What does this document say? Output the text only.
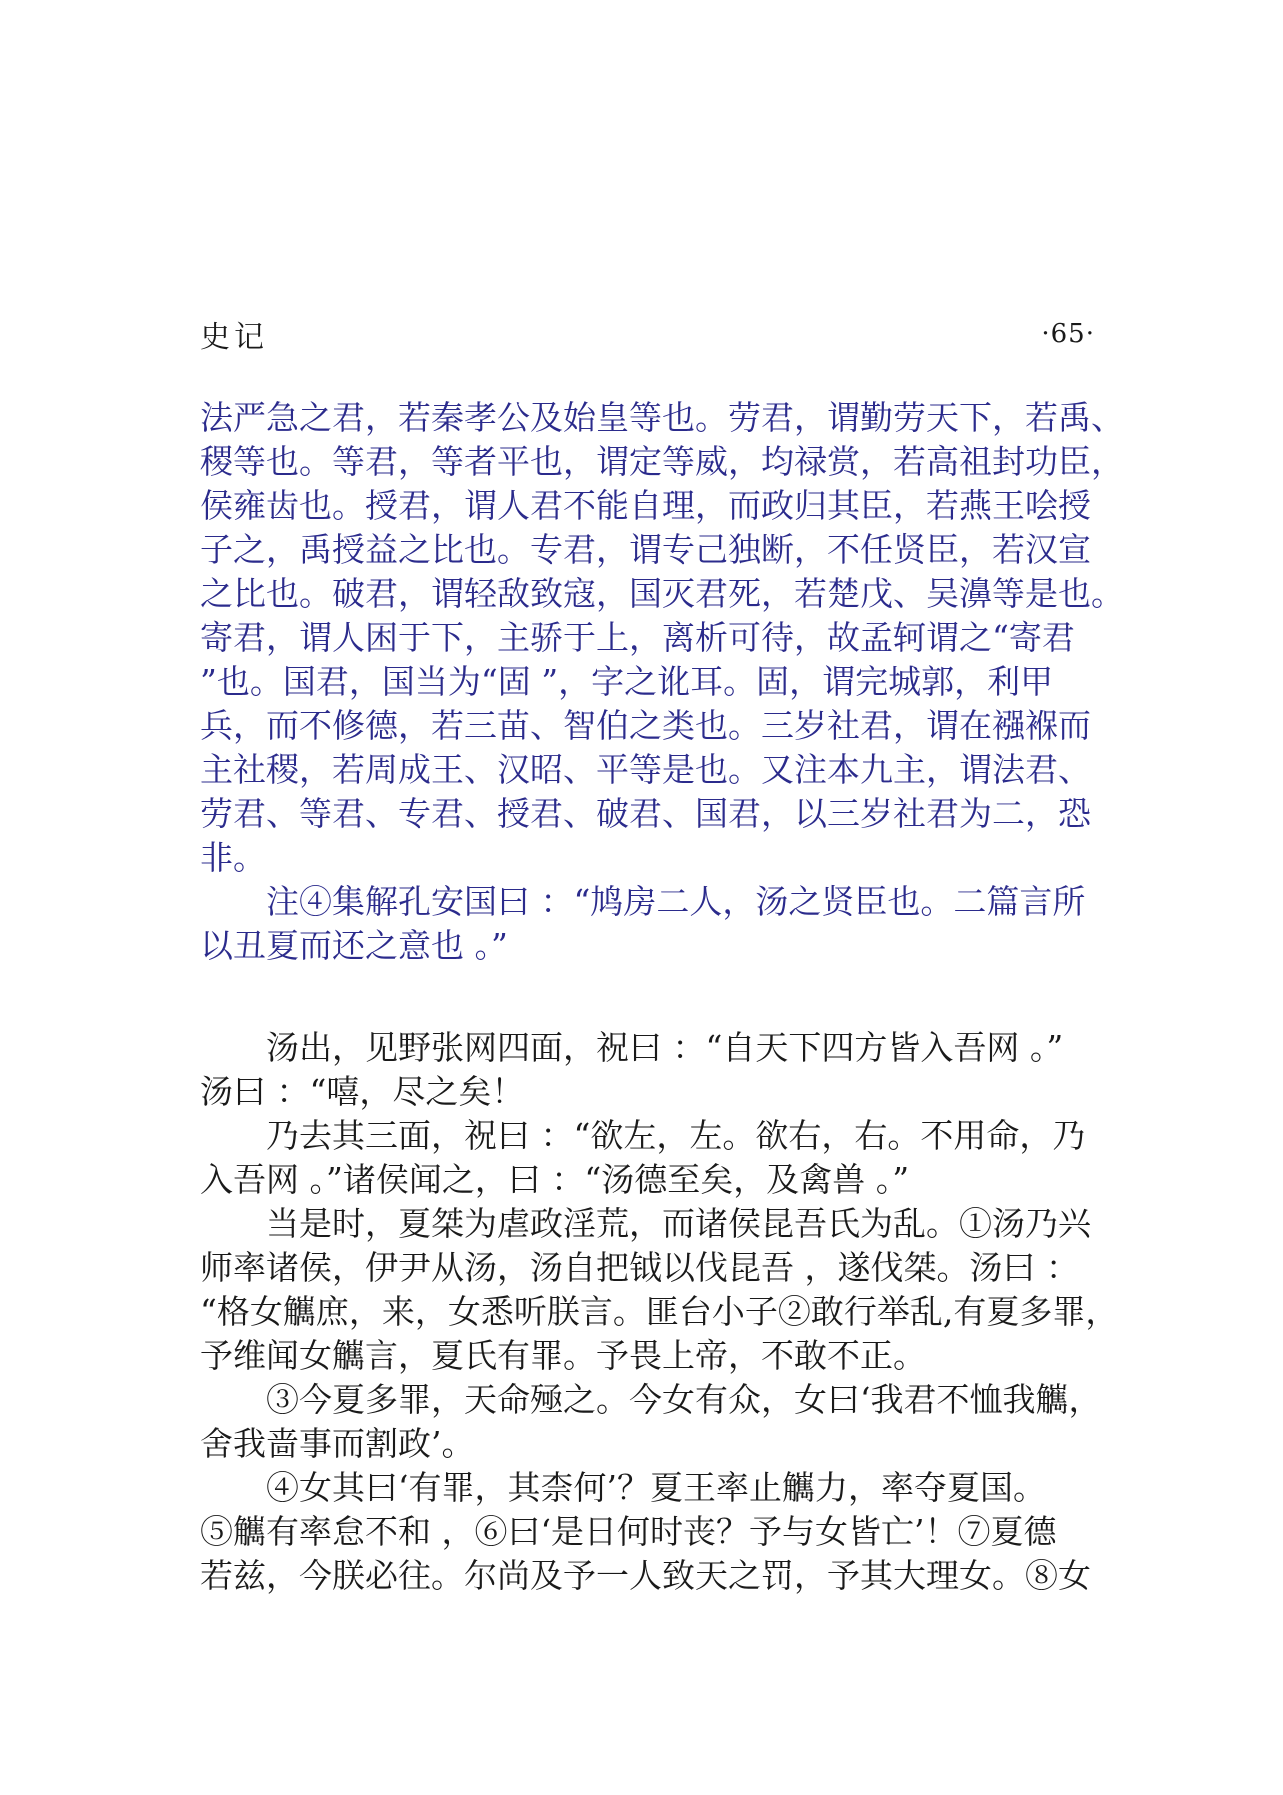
史记	·65·
法严急之君，若秦孝公及始皇等也。劳君，谓勤劳天下，若禹、
稷等也。等君，等者平也，谓定等威，均禄赏，若高祖封功臣，
侯雍齿也。授君，谓人君不能自理，而政归其臣，若燕王哙授
子之，禹授益之比也。专君，谓专己独断，不任贤臣，若汉宣
之比也。破君，谓轻敌致寇，国灭君死，若楚戊、吴濞等是也。
寄君，谓人困于下，主骄于上，离析可待，故孟轲谓之“寄君
”也。国君，国当为“固 ”，字之讹耳。固，谓完城郭，利甲
兵，而不修德，若三苗、智伯之类也。三岁社君，谓在襁褓而
主社稷，若周成王、汉昭、平等是也。又注本九主，谓法君、
劳君、等君、专君、授君、破君、国君，以三岁社君为二，恐
非。
注④集解孔安国曰 ：“鸠房二人，汤之贤臣也。二篇言所
以丑夏而还之意也 。”
汤出，见野张网四面，祝曰 ：“自天下四方皆入吾网 。”
汤曰 ：“嘻，尽之矣！
乃去其三面，祝曰 ：“欲左，左。欲右，右。不用命，乃
入吾网 。”诸侯闻之，曰 ：“汤德至矣，及禽兽 。”
当是时，夏桀为虐政淫荒，而诸侯昆吾氏为乱。①汤乃兴
师率诸侯，伊尹从汤，汤自把钺以伐昆吾 ，遂伐桀。汤曰 ：
“格女觽庶，来，女悉听朕言。匪台小子②敢行举乱,有夏多罪，
予维闻女觽言，夏氏有罪。予畏上帝，不敢不正。
③今夏多罪，天命殛之。今女有众，女曰‘我君不恤我觽，
舍我啬事而割政’。
④女其曰‘有罪，其柰何’？夏王率止觽力，率夺夏国。
⑤觽有率怠不和 ，⑥曰‘是日何时丧？予与女皆亡’！⑦夏德
若兹，今朕必往。尔尚及予一人致天之罚，予其大理女。⑧女
